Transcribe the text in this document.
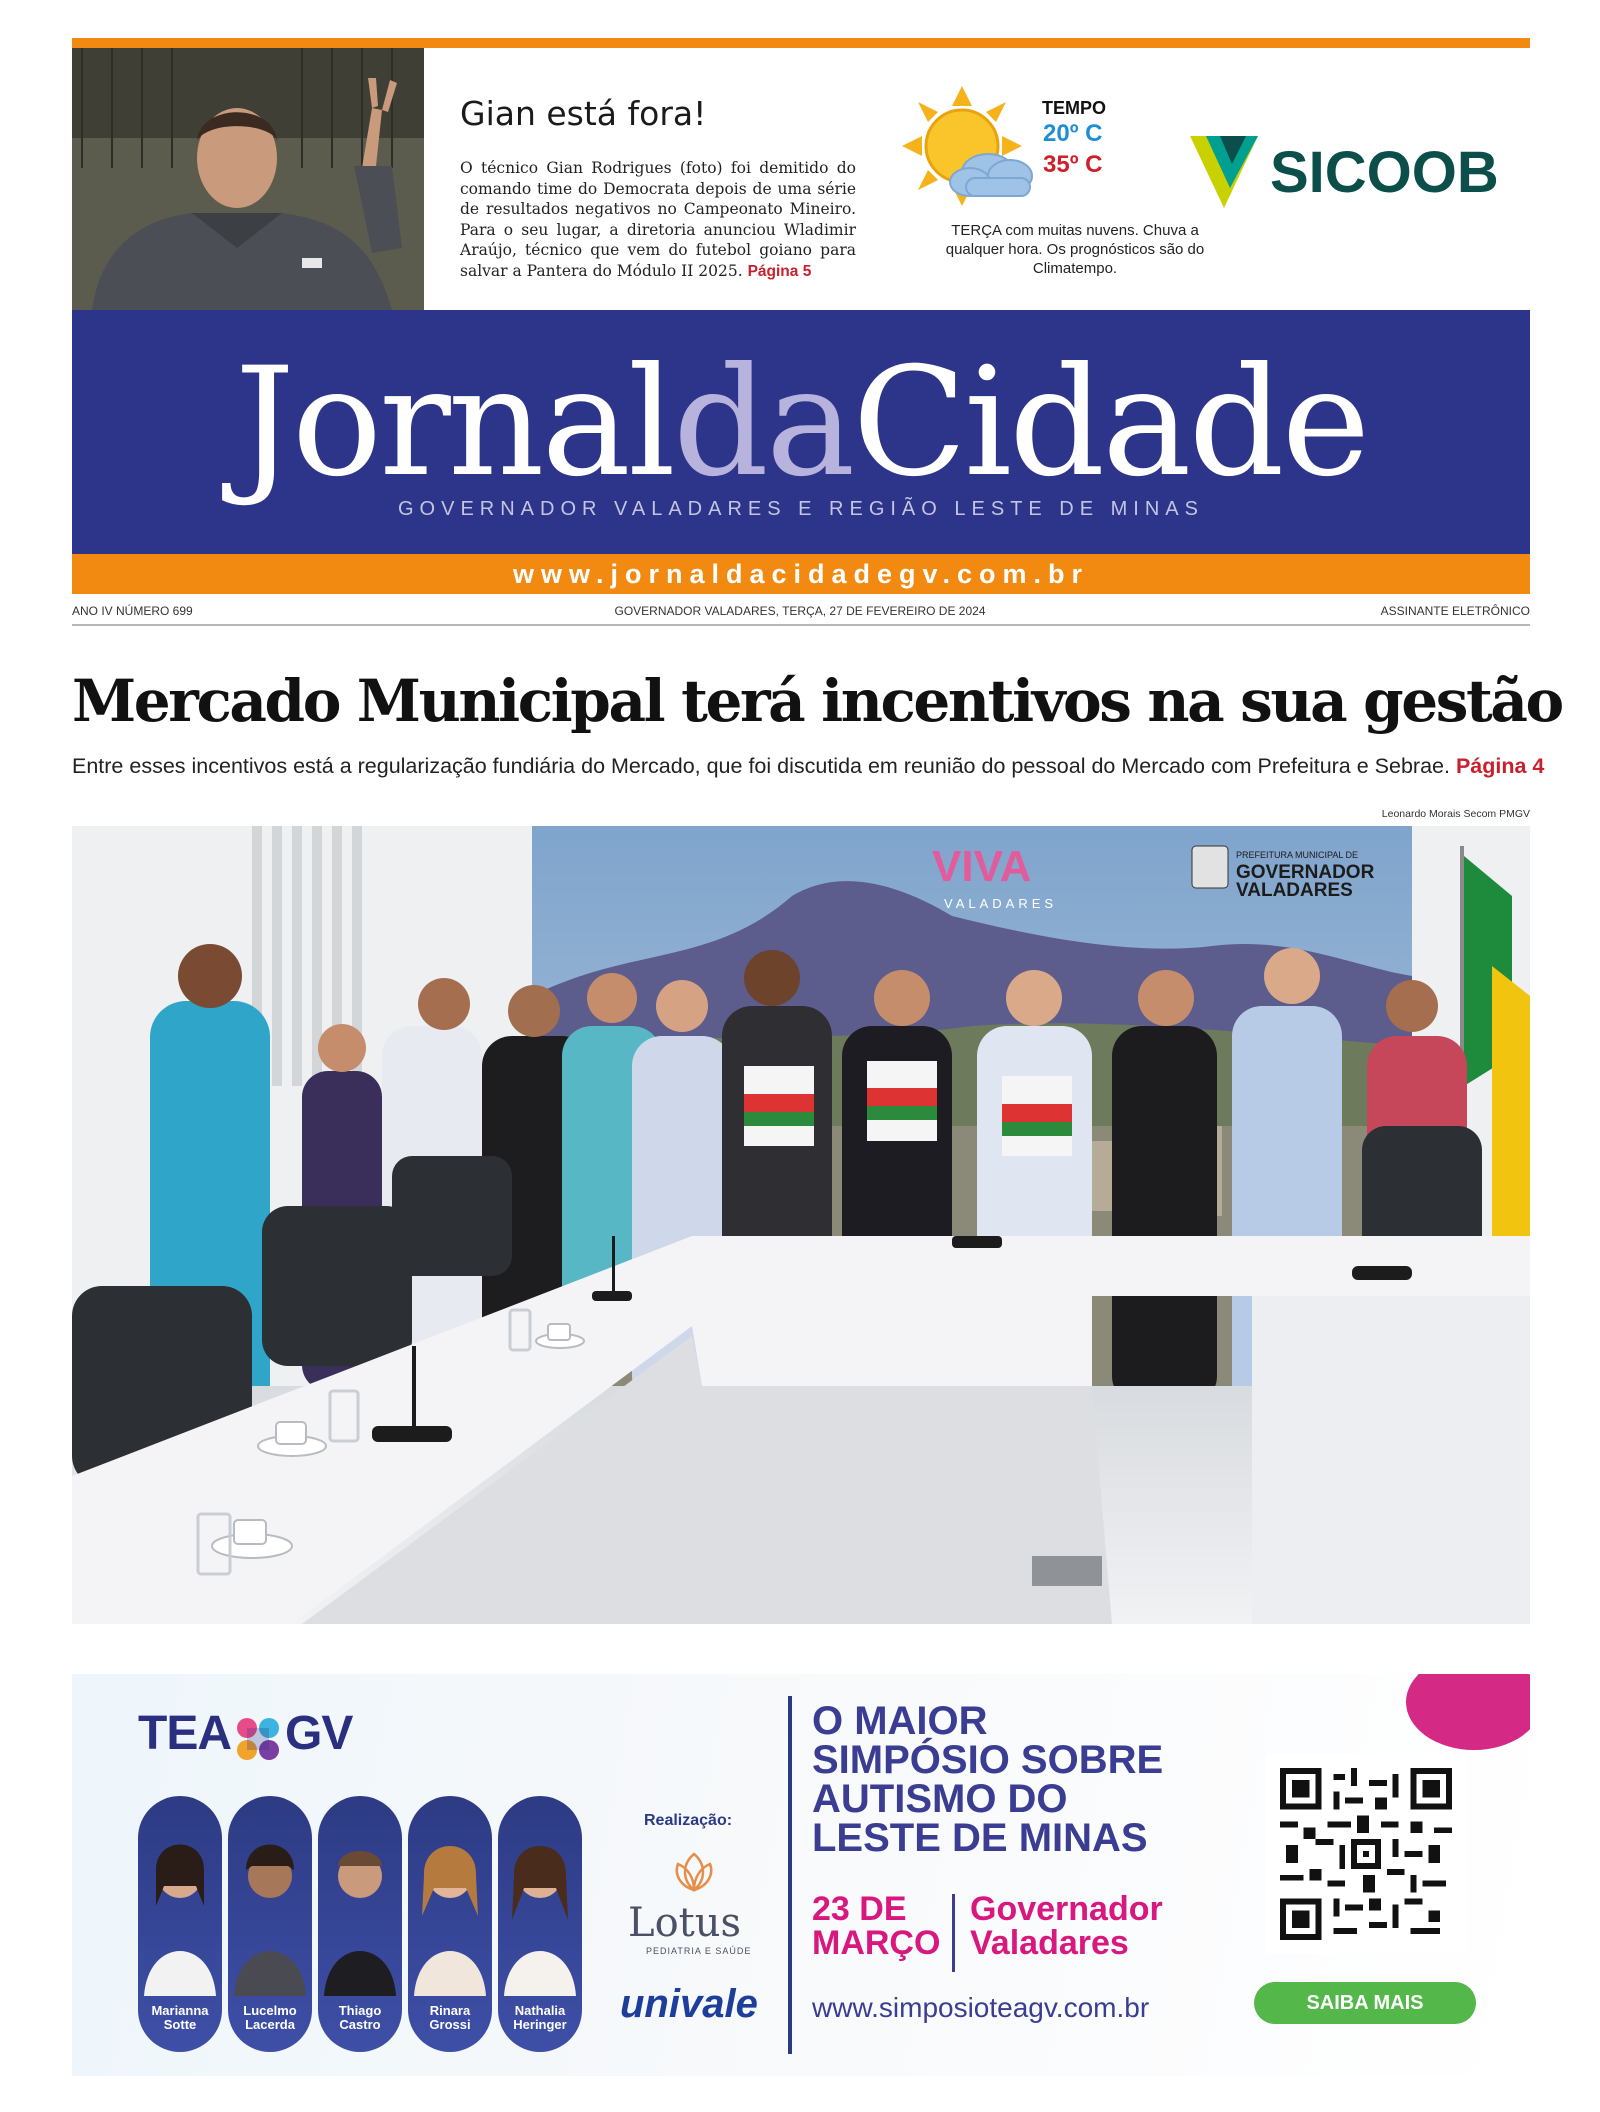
Gian está fora!

O técnico Gian Rodrigues (foto) foi demitido do comando time do Democrata depois de uma série de resultados negativos no Campeonato Mineiro. Para o seu lugar, a diretoria anunciou Wladimir Araújo, técnico que vem do futebol goiano para salvar a Pantera do Módulo II 2025. Página 5

TEMPO
20º C
35º C

TERÇA com muitas nuvens. Chuva a qualquer hora. Os prognósticos são do Climatempo.

SICOOB
JornaldaCidade
GOVERNADOR VALADARES E REGIÃO LESTE DE MINAS
www.jornaldacidadegv.com.br
ANO IV NÚMERO 699	GOVERNADOR VALADARES, TERÇA, 27 DE FEVEREIRO DE 2024	ASSINANTE ELETRÔNICO
Mercado Municipal terá incentivos na sua gestão

Entre esses incentivos está a regularização fundiária do Mercado, que foi discutida em reunião do pessoal do Mercado com Prefeitura e Sebrae. Página 4

Leonardo Morais Secom PMGV
VIVA
VALADARES
PREFEITURA MUNICIPAL DE
GOVERNADOR
VALADARES
TEA GV
Marianna
Sotte
Lucelmo
Lacerda
Thiago
Castro
Rinara
Grossi
Nathalia
Heringer
Realização:
Lotus
PEDIATRIA E SAÚDE
univale
O MAIOR
SIMPÓSIO SOBRE
AUTISMO DO
LESTE DE MINAS
23 DE
MARÇO
Governador
Valadares
www.simposioteagv.com.br	SAIBA MAIS
